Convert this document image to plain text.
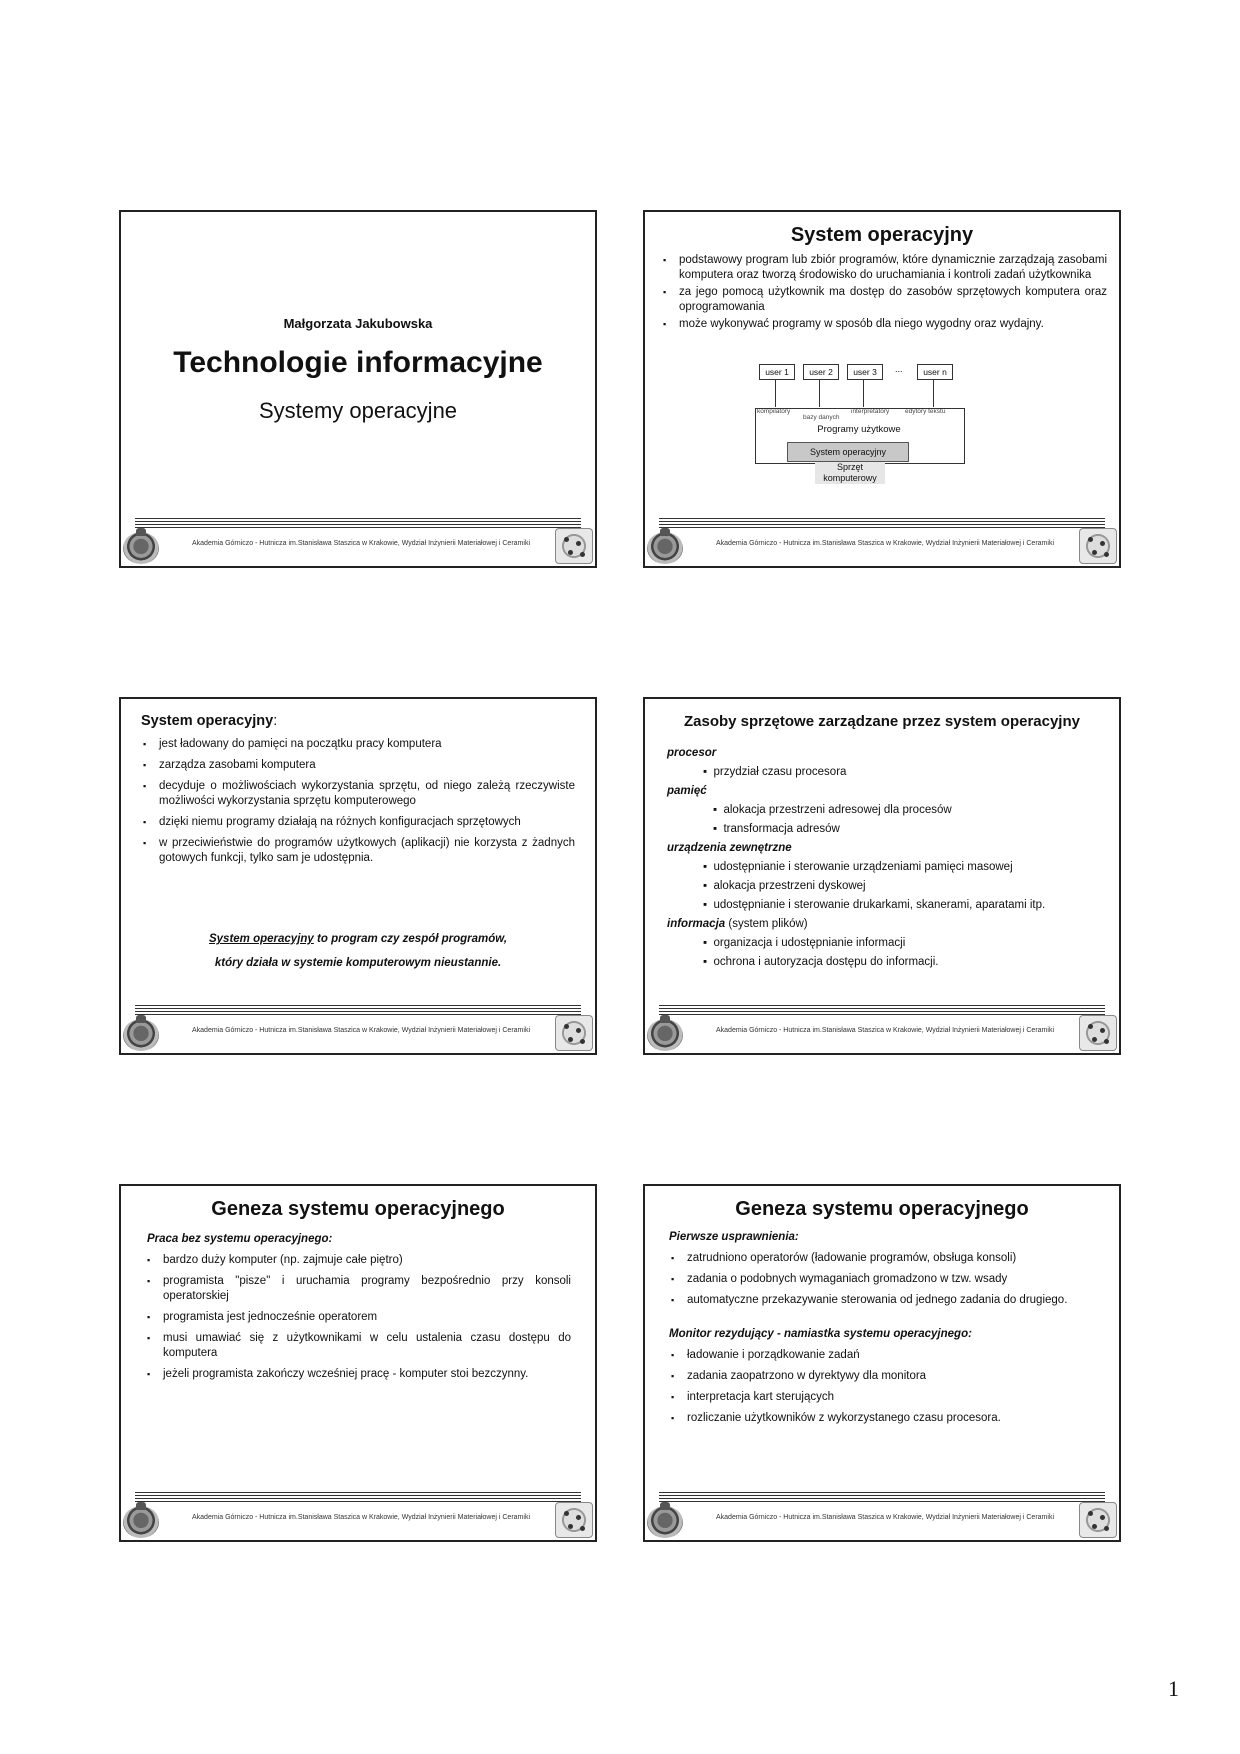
Małgorzata Jakubowska
Technologie informacyjne
Systemy operacyjne
Akademia Górniczo - Hutnicza im.Stanisława Staszica w Krakowie, Wydział Inżynierii Materiałowej i Ceramiki
System operacyjny
▪ podstawowy program lub zbiór programów, które dynamicznie zarządzają zasobami komputera oraz tworzą środowisko do uruchamiania i kontroli zadań użytkownika
▪ za jego pomocą użytkownik ma dostęp do zasobów sprzętowych komputera oraz oprogramowania
▪ może wykonywać programy w sposób dla niego wygodny oraz wydajny.
user 1	user 2	user 3	...	user n
kompilatory
bazy danych
interpretatory edytory tekstu
Programy użytkowe
System operacyjny
Sprzęt
komputerowy
Akademia Górniczo - Hutnicza im.Stanisława Staszica w Krakowie, Wydział Inżynierii Materiałowej i Ceramiki
System operacyjny:
▪ jest ładowany do pamięci na początku pracy komputera
▪ zarządza zasobami komputera
▪ decyduje o możliwościach wykorzystania sprzętu, od niego zależą rzeczywiste możliwości wykorzystania sprzętu komputerowego
▪ dzięki niemu programy działają na różnych konfiguracjach sprzętowych
▪ w przeciwieństwie do programów użytkowych (aplikacji) nie korzysta z żadnych gotowych funkcji, tylko sam je udostępnia.
System operacyjny to program czy zespół programów,
który działa w systemie komputerowym nieustannie.
Akademia Górniczo - Hutnicza im.Stanisława Staszica w Krakowie, Wydział Inżynierii Materiałowej i Ceramiki
Zasoby sprzętowe zarządzane przez system operacyjny
procesor
▪  przydział czasu procesora
pamięć
▪  alokacja przestrzeni adresowej dla procesów
▪  transformacja adresów
urządzenia zewnętrzne
▪  udostępnianie i sterowanie urządzeniami pamięci masowej
▪  alokacja przestrzeni dyskowej
▪  udostępnianie i sterowanie drukarkami, skanerami, aparatami itp.
informacja (system plików)
▪  organizacja i udostępnianie informacji
▪  ochrona i autoryzacja dostępu do informacji.
Akademia Górniczo - Hutnicza im.Stanisława Staszica w Krakowie, Wydział Inżynierii Materiałowej i Ceramiki
Geneza systemu operacyjnego
Praca bez systemu operacyjnego:
▪ bardzo duży komputer (np. zajmuje całe piętro)
▪ programista "pisze" i uruchamia programy bezpośrednio przy konsoli operatorskiej
▪ programista jest jednocześnie operatorem
▪ musi umawiać się z użytkownikami w celu ustalenia czasu dostępu do komputera
▪ jeżeli programista zakończy wcześniej pracę - komputer stoi bezczynny.
Akademia Górniczo - Hutnicza im.Stanisława Staszica w Krakowie, Wydział Inżynierii Materiałowej i Ceramiki
Geneza systemu operacyjnego
Pierwsze usprawnienia:
▪ zatrudniono operatorów (ładowanie programów, obsługa konsoli)
▪ zadania o podobnych wymaganiach gromadzono w tzw. wsady
▪ automatyczne przekazywanie sterowania od jednego zadania do drugiego.
Monitor rezydujący - namiastka systemu operacyjnego:
▪ ładowanie i porządkowanie zadań
▪ zadania zaopatrzono w dyrektywy dla monitora
▪ interpretacja kart sterujących
▪ rozliczanie użytkowników z wykorzystanego czasu procesora.
Akademia Górniczo - Hutnicza im.Stanisława Staszica w Krakowie, Wydział Inżynierii Materiałowej i Ceramiki
1
